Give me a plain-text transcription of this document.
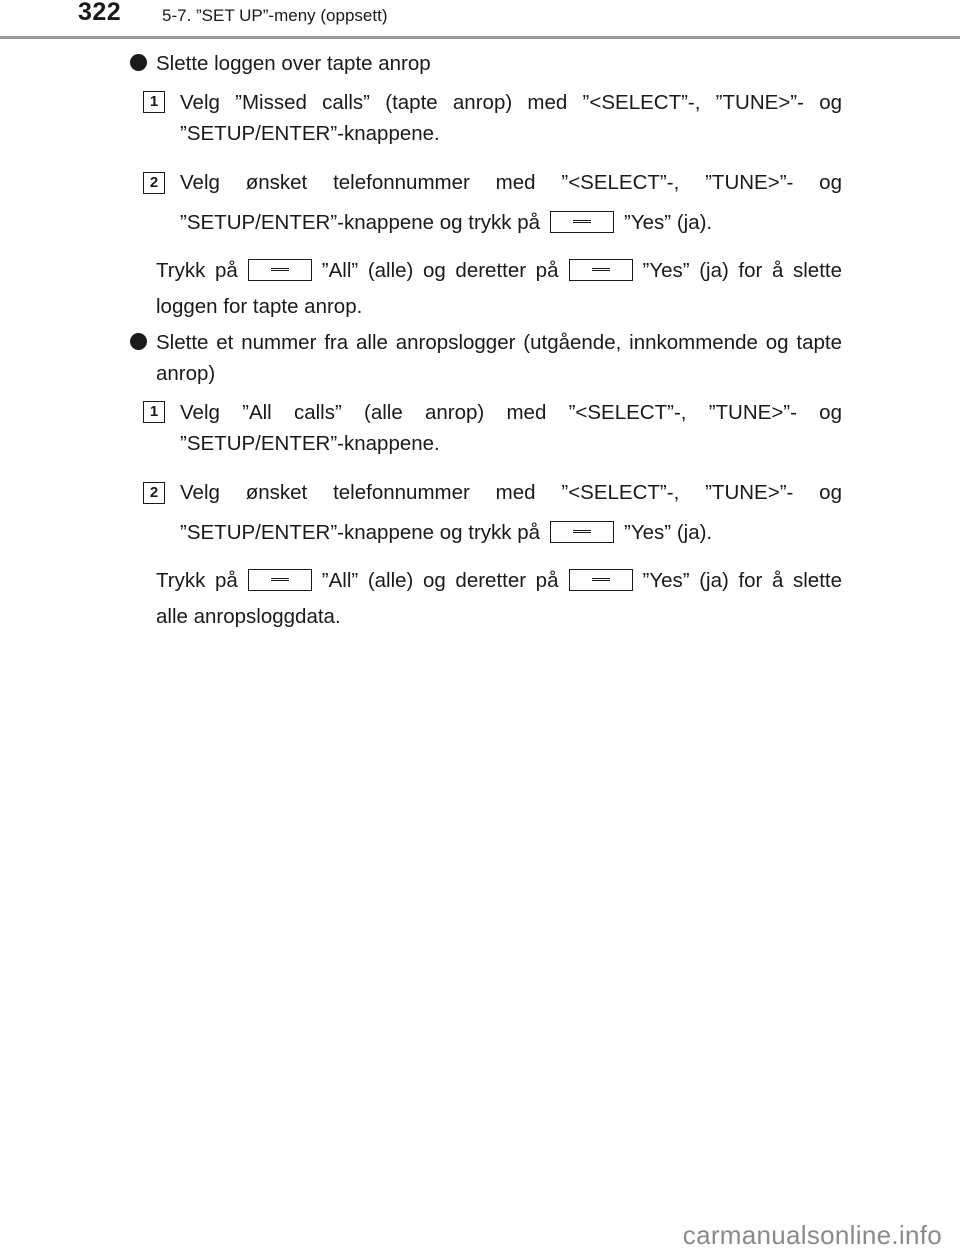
322 5-7. ”SET UP”-meny (oppsett)

Slette loggen over tapte anrop

1	Velg ”Missed calls” (tapte anrop) med ”<SELECT”-, ”TUNE>”- og ”SETUP/ENTER”-knappene.

2	Velg ønsket telefonnummer med ”<SELECT”-, ”TUNE>”- og ”SETUP/ENTER”-knappene og trykk på	”Yes” (ja).

Trykk på	”All” (alle) og deretter på	”Yes” (ja) for å slette loggen for tapte anrop.

Slette et nummer fra alle anropslogger (utgående, innkommende og tapte anrop)

1	Velg ”All calls” (alle anrop) med ”<SELECT”-, ”TUNE>”- og ”SETUP/ENTER”-knappene.

2	Velg ønsket telefonnummer med ”<SELECT”-, ”TUNE>”- og ”SETUP/ENTER”-knappene og trykk på	”Yes” (ja).

Trykk på	”All” (alle) og deretter på	”Yes” (ja) for å slette alle anropsloggdata.

carmanualsonline.info
